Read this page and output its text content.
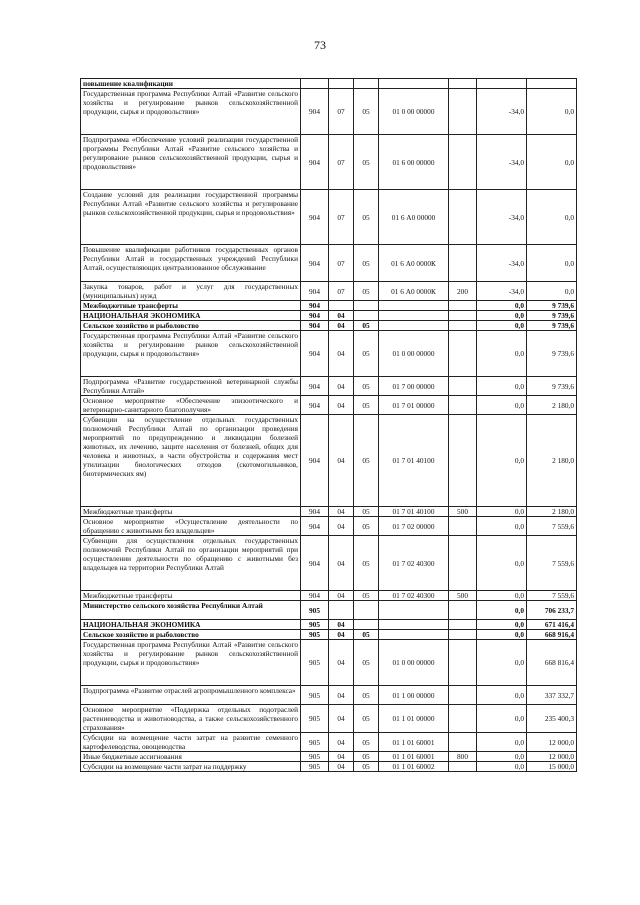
73
повышение квалификации							
Государственная программа Республики Алтай «Развитие сельского хозяйства и регулирование рынков сельскохозяйственной продукции, сырья и продовольствия»	904	07	05	01 0 00 00000		-34,0	0,0
Подпрограмма «Обеспечение условий реализации государственной программы Республики Алтай «Развитие сельского хозяйства и регулирование рынков сельскохозяйственной продукции, сырья и продовольствия»	904	07	05	01 6 00 00000		-34,0	0,0
Создание условий для реализации государственной программы Республики Алтай «Развитие сельского хозяйства и регулирование рынков сельскохозяйственной продукции, сырья и продовольствия»	904	07	05	01 6 А0 00000		-34,0	0,0
Повышение квалификации работников государственных органов Республики Алтай и государственных учреждений Республики Алтай, осуществляющих централизованное обслуживание	904	07	05	01 6 А0 0000К		-34,0	0,0
Закупка товаров, работ и услуг для государственных (муниципальных) нужд	904	07	05	01 6 А0 0000К	200	-34,0	0,0
Межбюджетные трансферты	904					0,0	9 739,6
НАЦИОНАЛЬНАЯ ЭКОНОМИКА	904	04				0,0	9 739,6
Сельское хозяйство и рыболовство	904	04	05			0,0	9 739,6
Государственная программа Республики Алтай «Развитие сельского хозяйства и регулирование рынков сельскохозяйственной продукции, сырья и продовольствия»	904	04	05	01 0 00 00000		0,0	9 739,6
Подпрограмма «Развитие государственной ветеринарной службы Республики Алтай»	904	04	05	01 7 00 00000		0,0	9 739,6
Основное мероприятие «Обеспечение эпизоотического и ветеринарно-санитарного благополучия»	904	04	05	01 7 01 00000		0,0	2 180,0
Субвенции на осуществление отдельных государственных полномочий Республики Алтай по организации проведения мероприятий по предупреждению и ликвидации болезней животных, их лечению, защите населения от болезней, общих для человека и животных, в части обустройства и содержания мест утилизации биологических отходов (скотомогильников, биотермических ям)	904	04	05	01 7 01 40100		0,0	2 180,0
Межбюджетные трансферты	904	04	05	01 7 01 40100	500	0,0	2 180,0
Основное мероприятие «Осуществление деятельности по обращению с животными без владельцев»	904	04	05	01 7 02 00000		0,0	7 559,6
Субвенции для осуществления отдельных государственных полномочий Республики Алтай по организации мероприятий при осуществлении деятельности по обращению с животными без владельцев на территории Республики Алтай	904	04	05	01 7 02 40300		0,0	7 559,6
Межбюджетные трансферты	904	04	05	01 7 02 40300	500	0,0	7 559,6
Министерство сельского хозяйства Республики Алтай	905					0,0	706 233,7
НАЦИОНАЛЬНАЯ ЭКОНОМИКА	905	04				0,0	671 416,4
Сельское хозяйство и рыболовство	905	04	05			0,0	668 916,4
Государственная программа Республики Алтай «Развитие сельского хозяйства и регулирование рынков сельскохозяйственной продукции, сырья и продовольствия»	905	04	05	01 0 00 00000		0,0	668 816,4
Подпрограмма «Развитие отраслей агропромышленного комплекса»	905	04	05	01 1 00 00000		0,0	337 332,7
Основное мероприятие «Поддержка отдельных подотраслей растениеводства и животноводства, а также сельскохозяйственного страхования»	905	04	05	01 1 01 00000		0,0	235 400,3
Субсидии на возмещение части затрат на развитие семенного картофелеводства, овощеводства	905	04	05	01 1 01 60001		0,0	12 000,0
Иные бюджетные ассигнования	905	04	05	01 1 01 60001	800	0,0	12 000,0
Субсидии на возмещение части затрат на поддержку	905	04	05	01 1 01 60002		0,0	15 000,0
